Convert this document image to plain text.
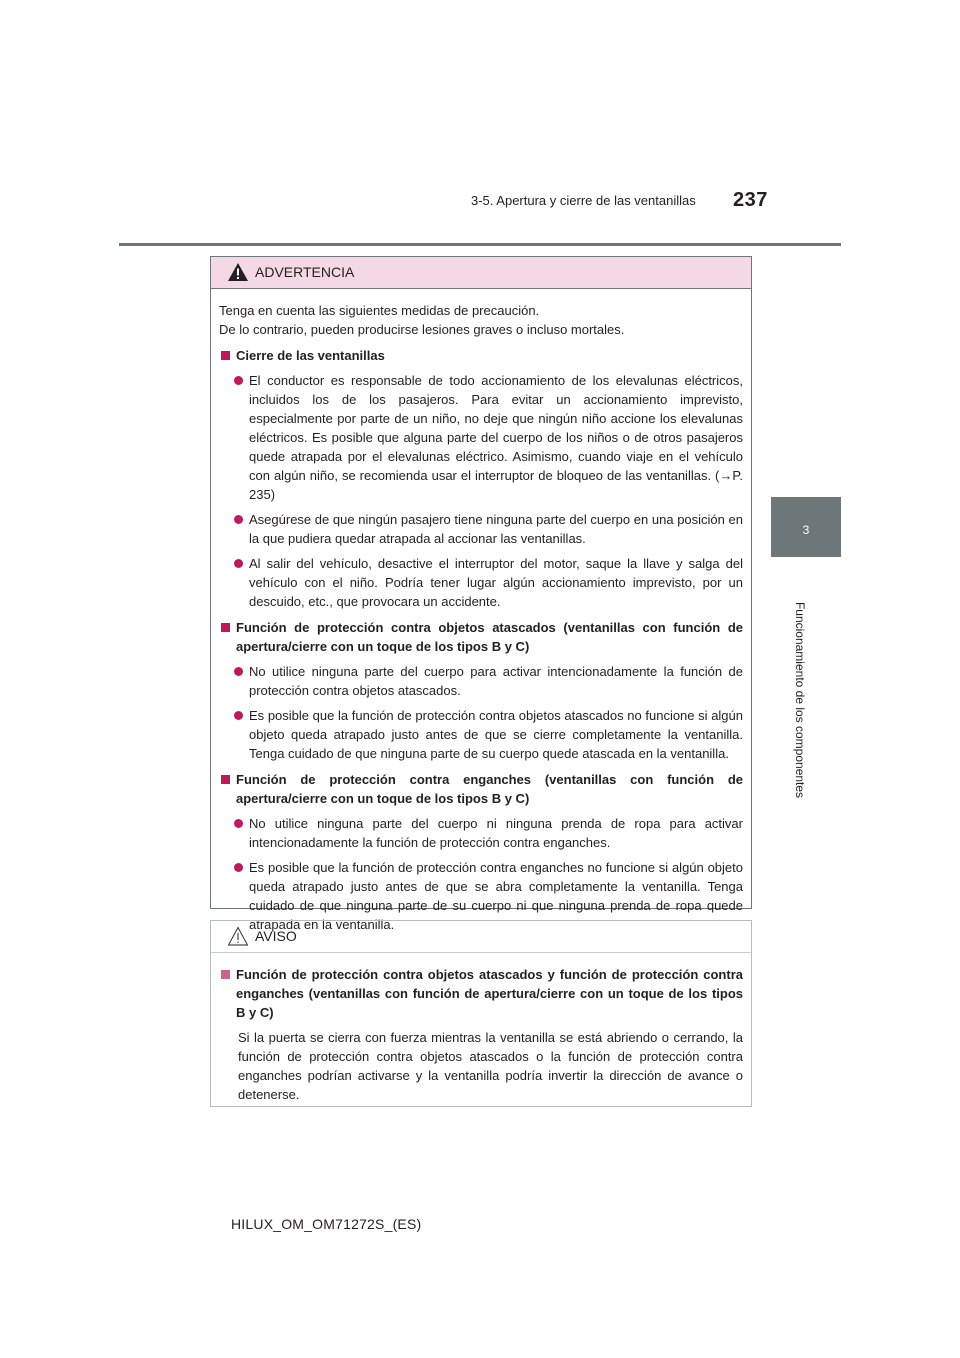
237
3-5. Apertura y cierre de las ventanillas
3
Funcionamiento de los componentes
ADVERTENCIA

Tenga en cuenta las siguientes medidas de precaución.

De lo contrario, pueden producirse lesiones graves o incluso mortales.

Cierre de las ventanillas
El conductor es responsable de todo accionamiento de los elevalunas eléctricos, incluidos los de los pasajeros. Para evitar un accionamiento imprevisto, especialmente por parte de un niño, no deje que ningún niño accione los elevalunas eléctricos. Es posible que alguna parte del cuerpo de los niños o de otros pasajeros quede atrapada por el elevalunas eléctrico. Asimismo, cuando viaje en el vehículo con algún niño, se recomienda usar el interruptor de bloqueo de las ventanillas. (→P. 235)
Asegúrese de que ningún pasajero tiene ninguna parte del cuerpo en una posición en la que pudiera quedar atrapada al accionar las ventanillas.
Al salir del vehículo, desactive el interruptor del motor, saque la llave y salga del vehículo con el niño. Podría tener lugar algún accionamiento imprevisto, por un descuido, etc., que provocara un accidente.
Función de protección contra objetos atascados (ventanillas con función de apertura/cierre con un toque de los tipos B y C)
No utilice ninguna parte del cuerpo para activar intencionadamente la función de protección contra objetos atascados.
Es posible que la función de protección contra objetos atascados no funcione si algún objeto queda atrapado justo antes de que se cierre completamente la ventanilla. Tenga cuidado de que ninguna parte de su cuerpo quede atascada en la ventanilla.
Función de protección contra enganches (ventanillas con función de apertura/cierre con un toque de los tipos B y C)
No utilice ninguna parte del cuerpo ni ninguna prenda de ropa para activar intencionadamente la función de protección contra enganches.
Es posible que la función de protección contra enganches no funcione si algún objeto queda atrapado justo antes de que se abra completamente la ventanilla. Tenga cuidado de que ninguna parte de su cuerpo ni que ninguna prenda de ropa quede atrapada en la ventanilla.
AVISO
Función de protección contra objetos atascados y función de protección contra enganches (ventanillas con función de apertura/cierre con un toque de los tipos B y C)
Si la puerta se cierra con fuerza mientras la ventanilla se está abriendo o cerrando, la función de protección contra objetos atascados o la función de protección contra enganches podrían activarse y la ventanilla podría invertir la dirección de avance o detenerse.
HILUX_OM_OM71272S_(ES)
